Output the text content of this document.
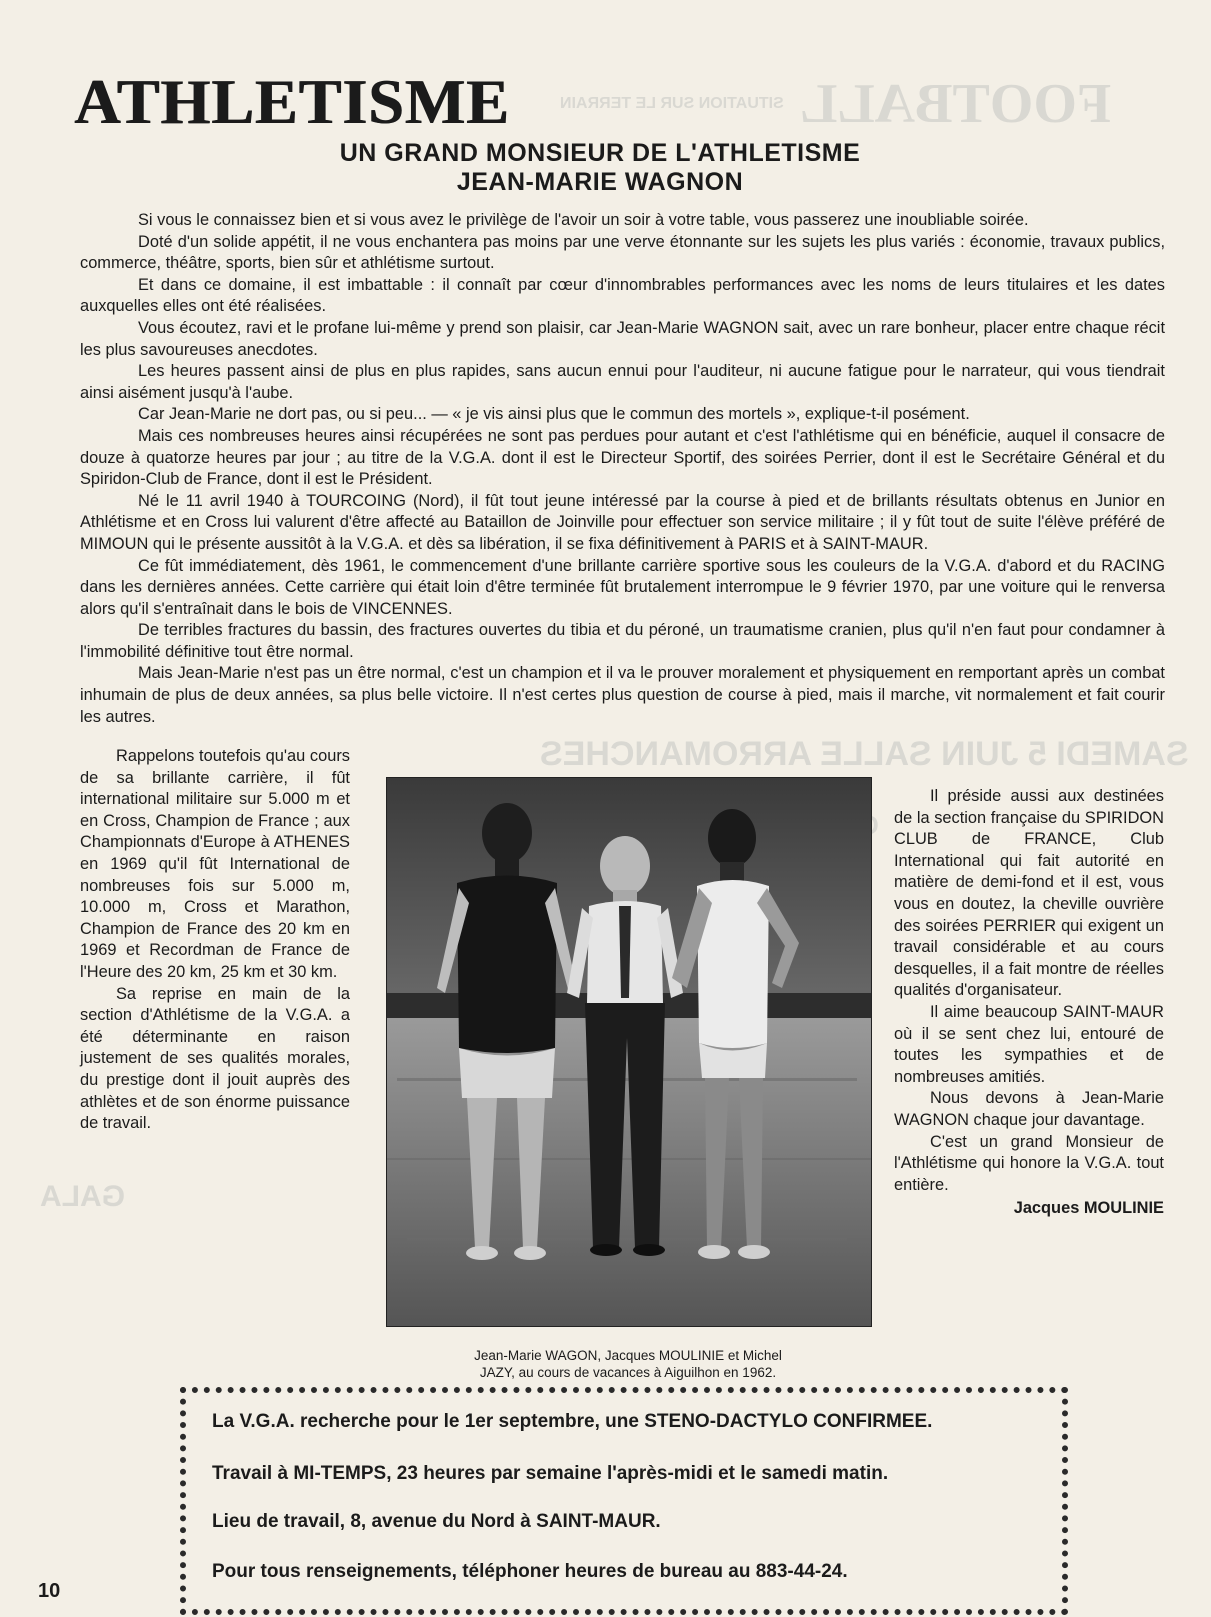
FOOTBALL
SITUATION SUR LE TERRAIN
SAMEDI 5 JUIN SALLE ARROMANCHES
GALA
ATHLETISME
UN GRAND MONSIEUR DE L'ATHLETISME
JEAN-MARIE WAGNON

Si vous le connaissez bien et si vous avez le privilège de l'avoir un soir à votre table, vous passerez une inoubliable soirée.

Doté d'un solide appétit, il ne vous enchantera pas moins par une verve étonnante sur les sujets les plus variés : économie, travaux publics, commerce, théâtre, sports, bien sûr et athlétisme surtout.

Et dans ce domaine, il est imbattable : il connaît par cœur d'innombrables performances avec les noms de leurs titulaires et les dates auxquelles elles ont été réalisées.

Vous écoutez, ravi et le profane lui-même y prend son plaisir, car Jean-Marie WAGNON sait, avec un rare bonheur, placer entre chaque récit les plus savoureuses anecdotes.

Les heures passent ainsi de plus en plus rapides, sans aucun ennui pour l'auditeur, ni aucune fatigue pour le narrateur, qui vous tiendrait ainsi aisément jusqu'à l'aube.

Car Jean-Marie ne dort pas, ou si peu... — « je vis ainsi plus que le commun des mortels », explique-t-il posément.

Mais ces nombreuses heures ainsi récupérées ne sont pas perdues pour autant et c'est l'athlétisme qui en bénéficie, auquel il consacre de douze à quatorze heures par jour ; au titre de la V.G.A. dont il est le Directeur Sportif, des soirées Perrier, dont il est le Secrétaire Général et du Spiridon-Club de France, dont il est le Président.

Né le 11 avril 1940 à TOURCOING (Nord), il fût tout jeune intéressé par la course à pied et de brillants résultats obtenus en Junior en Athlétisme et en Cross lui valurent d'être affecté au Bataillon de Joinville pour effectuer son service militaire ; il y fût tout de suite l'élève préféré de MIMOUN qui le présente aussitôt à la V.G.A. et dès sa libération, il se fixa définitivement à PARIS et à SAINT-MAUR.

Ce fût immédiatement, dès 1961, le commencement d'une brillante carrière sportive sous les couleurs de la V.G.A. d'abord et du RACING dans les dernières années. Cette carrière qui était loin d'être terminée fût brutalement interrompue le 9 février 1970, par une voiture qui le renversa alors qu'il s'entraînait dans le bois de VINCENNES.

De terribles fractures du bassin, des fractures ouvertes du tibia et du péroné, un traumatisme cranien, plus qu'il n'en faut pour condamner à l'immobilité définitive tout être normal.

Mais Jean-Marie n'est pas un être normal, c'est un champion et il va le prouver moralement et physiquement en remportant après un combat inhumain de plus de deux années, sa plus belle victoire. Il n'est certes plus question de course à pied, mais il marche, vit normalement et fait courir les autres.

Rappelons toutefois qu'au cours de sa brillante carrière, il fût international militaire sur 5.000 m et en Cross, Champion de France ; aux Championnats d'Europe à ATHENES en 1969 qu'il fût International de nombreuses fois sur 5.000 m, 10.000 m, Cross et Marathon, Champion de France des 20 km en 1969 et Recordman de France de l'Heure des 20 km, 25 km et 30 km.

Sa reprise en main de la section d'Athlétisme de la V.G.A. a été déterminante en raison justement de ses qualités morales, du prestige dont il jouit auprès des athlètes et de son énorme puissance de travail.

Jean-Marie WAGON, Jacques MOULINIE et Michel
JAZY, au cours de vacances à Aiguilhon en 1962.

Il préside aussi aux destinées de la section française du SPIRIDON CLUB de FRANCE, Club International qui fait autorité en matière de demi-fond et il est, vous vous en doutez, la cheville ouvrière des soirées PERRIER qui exigent un travail considérable et au cours desquelles, il a fait montre de réelles qualités d'organisateur.

Il aime beaucoup SAINT-MAUR où il se sent chez lui, entouré de toutes les sympathies et de nombreuses amitiés.

Nous devons à Jean-Marie WAGNON chaque jour davantage.

C'est un grand Monsieur de l'Athlétisme qui honore la V.G.A. tout entière.

Jacques MOULINIE

La V.G.A. recherche pour le 1er septembre, une STENO-DACTYLO CONFIRMEE.
Travail à MI-TEMPS, 23 heures par semaine l'après-midi et le samedi matin.
Lieu de travail, 8, avenue du Nord à SAINT-MAUR.
Pour tous renseignements, téléphoner heures de bureau au 883-44-24.
10
